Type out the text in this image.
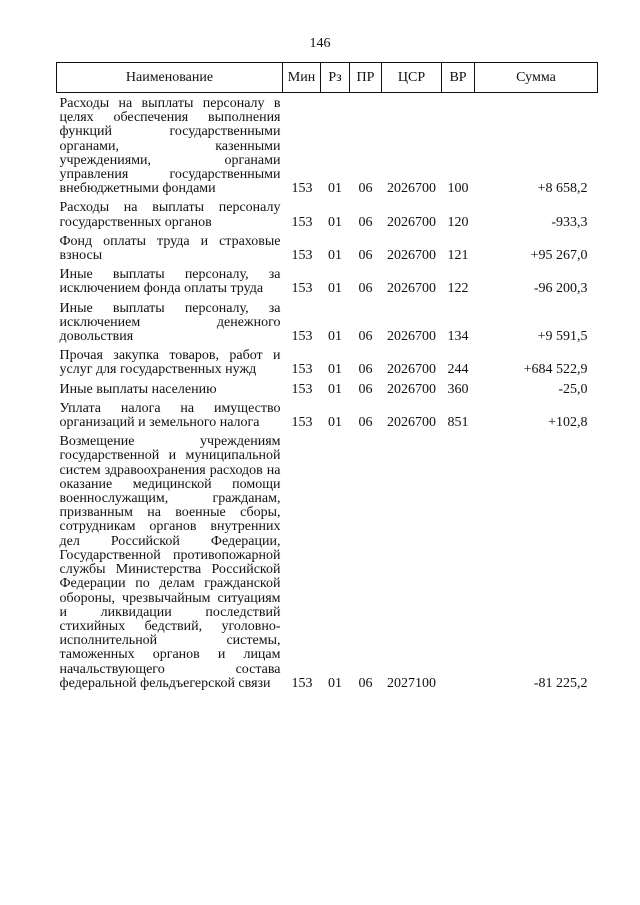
146
Наименование	Мин	Рз	ПР	ЦСР	ВР	Сумма
Расходы на выплаты персоналу в целях обеспечения выполнения функций государственными органами, казенными учреждениями, органами управления государственными внебюджетными фондами	153	01	06	2026700	100	+8 658,2
Расходы на выплаты персоналу государственных органов	153	01	06	2026700	120	-933,3
Фонд оплаты труда и страховые взносы	153	01	06	2026700	121	+95 267,0
Иные выплаты персоналу, за исключением фонда оплаты труда	153	01	06	2026700	122	-96 200,3
Иные выплаты персоналу, за исключением денежного довольствия	153	01	06	2026700	134	+9 591,5
Прочая закупка товаров, работ и услуг для государственных нужд	153	01	06	2026700	244	+684 522,9
Иные выплаты населению	153	01	06	2026700	360	-25,0
Уплата налога на имущество организаций и земельного налога	153	01	06	2026700	851	+102,8
Возмещение учреждениям государственной и муниципальной систем здравоохранения расходов на оказание медицинской помощи военнослужащим, гражданам, призванным на военные сборы, сотрудникам органов внутренних дел Российской Федерации, Государственной противопожарной службы Министерства Российской Федерации по делам гражданской обороны, чрезвычайным ситуациям и ликвидации последствий стихийных бедствий, уголовно-исполнительной системы, таможенных органов и лицам начальствующего состава федеральной фельдъегерской связи	153	01	06	2027100		-81 225,2
